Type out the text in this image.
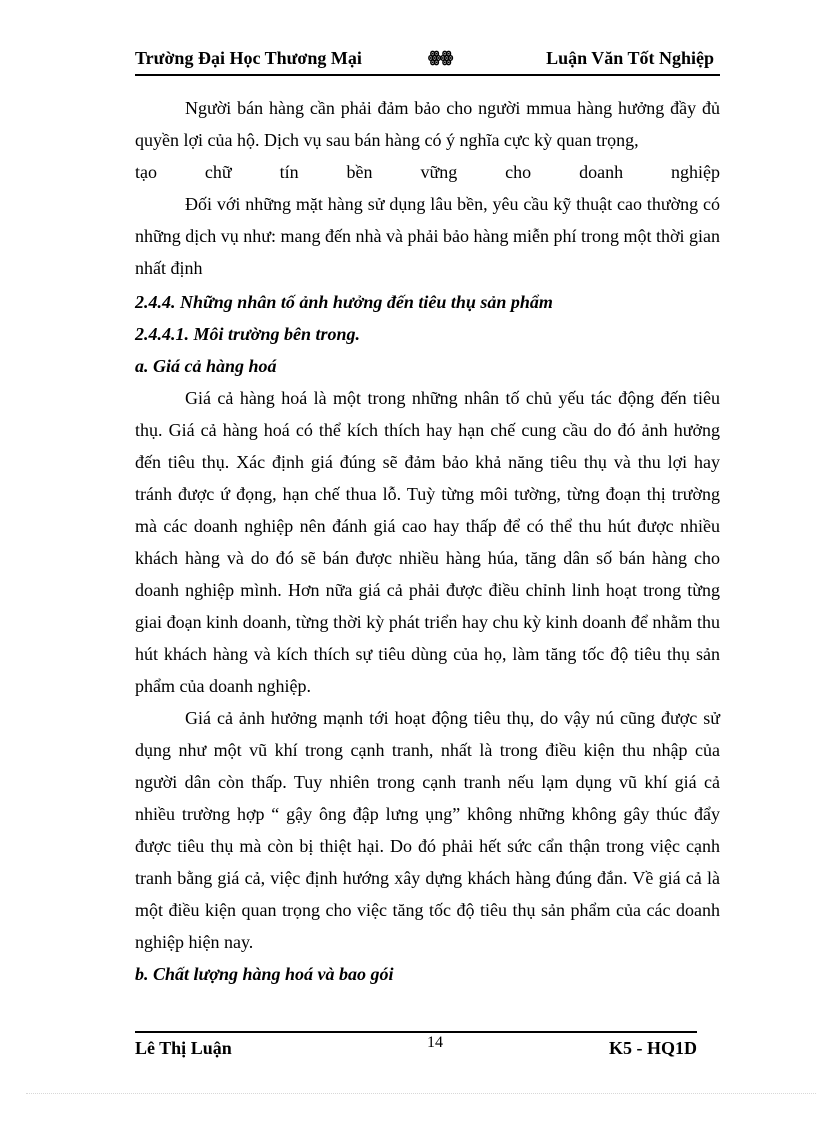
Trường Đại Học Thương Mại	ꙮꙮ	Luận Văn Tốt Nghiệp

Người bán hàng cần phải đảm bảo cho người mmua hàng hưởng đầy đủ quyền lợi của hộ. Dịch vụ sau bán hàng có ý nghĩa cực kỳ quan trọng,

tạo chữ tín bền vững cho doanh nghiệp

Đối với những mặt hàng sử dụng lâu bền, yêu cầu kỹ thuật cao thường có những dịch vụ như: mang đến nhà và phải bảo hàng miễn phí trong một thời gian nhất định

2.4.4. Những nhân tố ảnh hưởng đến tiêu thụ sản phẩm

2.4.4.1. Môi trường bên trong.

a. Giá cả hàng hoá

Giá cả hàng hoá là một trong những nhân tố chủ yếu tác động đến tiêu thụ. Giá cả hàng hoá có thể kích thích hay hạn chế cung cầu do đó ảnh hưởng đến tiêu thụ. Xác định giá đúng sẽ đảm bảo khả năng tiêu thụ và thu lợi hay tránh được ứ đọng, hạn chế thua lỗ. Tuỳ từng môi tường, từng đoạn thị trường mà các doanh nghiệp nên đánh giá cao hay thấp để có thể thu hút được nhiều khách hàng và do đó sẽ bán được nhiều hàng húa, tăng dân số bán hàng cho doanh nghiệp mình. Hơn nữa giá cả phải được điều chỉnh linh hoạt trong từng giai đoạn kinh doanh, từng thời kỳ phát triển hay chu kỳ kinh doanh để nhằm thu hút khách hàng và kích thích sự tiêu dùng của họ, làm tăng tốc độ tiêu thụ sản phẩm của doanh nghiệp.

Giá cả ảnh hưởng mạnh tới hoạt động tiêu thụ, do vậy nú cũng được sử dụng như một vũ khí trong cạnh tranh, nhất là trong điều kiện thu nhập của người dân còn thấp. Tuy nhiên trong cạnh tranh nếu lạm dụng vũ khí giá cả nhiều trường hợp “ gậy ông đập lưng ụng” không những không gây thúc đẩy được tiêu thụ mà còn bị thiệt hại. Do đó phải hết sức cẩn thận trong việc cạnh tranh bằng giá cả, việc định hướng xây dựng khách hàng đúng đắn. Về giá cả là một điều kiện quan trọng cho việc tăng tốc độ tiêu thụ sản phẩm của các doanh nghiệp hiện nay.

b. Chất lượng hàng hoá và bao gói

Lê Thị Luận	14	K5 - HQ1D
